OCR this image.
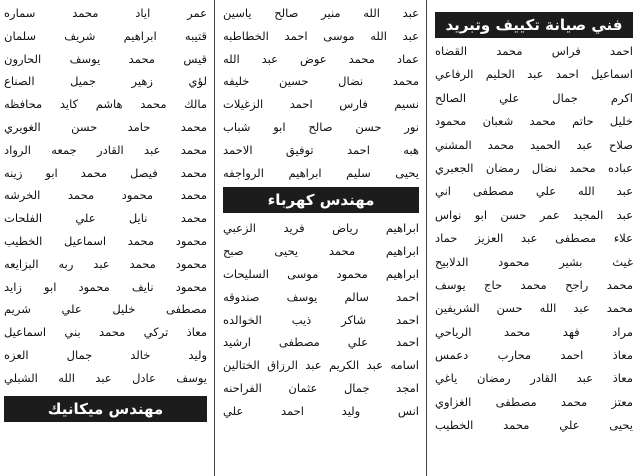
فني صيانة تكييف وتبريد
احمد فراس محمد القضاه
اسماعيل احمد عبد الحليم الرفاعي
اكرم جمال علي الصالح
خليل حاتم محمد شعبان محمود
صلاح عبد الحميد محمد المشني
عباده محمد نضال رمضان الجعبري
عبد الله علي مصطفى اني
عبد المجيد عمر حسن ابو نواس
علاء مصطفى عبد العزيز حماد
غيث بشير محمود الدلابيح
محمد راجح محمد حاج يوسف
محمد عبد الله حسن الشريفين
مراد فهد محمد الرياحي
معاذ احمد محارب دعمس
معاذ عبد القادر رمضان ياغي
معتز محمد مصطفى الغزاوي
يحيى علي محمد الخطيب
عبد الله منير صالح ياسين
عبد الله موسى احمد الخطاطبه
عماد محمد عوض عبد الله
محمد نضال حسين خليفه
نسيم فارس احمد الزغيلات
نور حسن صالح ابو شباب
هبه احمد توفيق الاحمد
يحيى سليم ابراهيم الرواجفه
مهندس كهرباء
ابراهيم رياض فريد الزعبي
ابراهيم محمد يحيى صبح
ابراهيم محمود موسى السليحات
احمد سالم يوسف صندوقه
احمد شاكر ذيب الخوالده
احمد علي مصطفى ارشيد
اسامه عبد الكريم عبد الرزاق الختالين
امجد جمال عثمان الفراحنه
انس وليد احمد علي
عمر اياد محمد سماره
قتيبه ابراهيم شريف سلمان
قيس محمد يوسف الحارون
لؤي زهير جميل الصناع
مالك محمد هاشم كايد محافظه
محمد حامد حسن الغويري
محمد عبد القادر جمعه الرواد
محمد فيصل محمد ابو زينه
محمد محمود محمد الخرشه
محمد نايل علي الفلحات
محمود محمد اسماعيل الخطيب
محمود محمد عبد ربه البزايعه
محمود نايف محمود ابو زايد
مصطفى خليل علي شريم
معاذ تركي محمد بني اسماعيل
وليد خالد جمال العزه
يوسف عادل عبد الله الشبلي
مهندس ميكانيك
